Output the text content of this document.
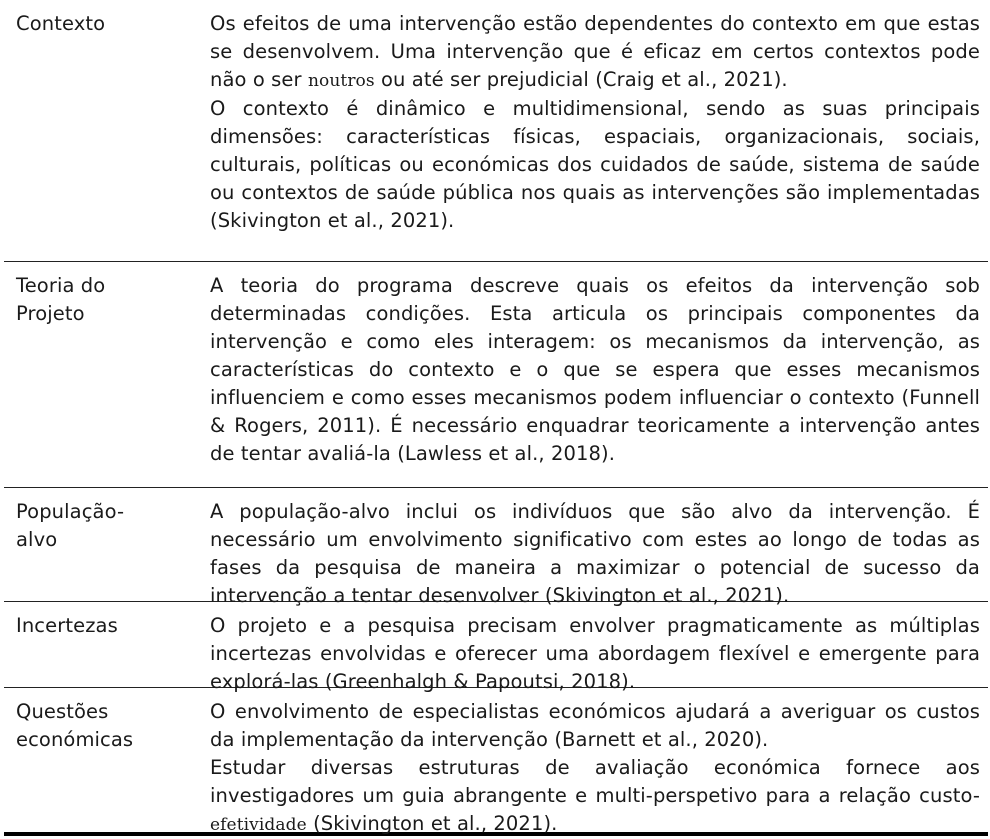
Contexto	Os efeitos de uma intervenção estão dependentes do contexto em que estas se desenvolvem. Uma intervenção que é eficaz em certos contextos pode não o ser noutros ou até ser prejudicial (Craig et al., 2021).

O contexto é dinâmico e multidimensional, sendo as suas principais dimensões: características físicas, espaciais, organizacionais, sociais, culturais, políticas ou económicas dos cuidados de saúde, sistema de saúde ou contextos de saúde pública nos quais as intervenções são implementadas (Skivington et al., 2021).

Teoria do
Projeto

A teoria do programa descreve quais os efeitos da intervenção sob determinadas condições. Esta articula os principais componentes da intervenção e como eles interagem: os mecanismos da intervenção, as características do contexto e o que se espera que esses mecanismos influenciem e como esses mecanismos podem influenciar o contexto (Funnell & Rogers, 2011). É necessário enquadrar teoricamente a intervenção antes de tentar avaliá-la (Lawless et al., 2018).

População-
alvo

A população-alvo inclui os indivíduos que são alvo da intervenção. É necessário um envolvimento significativo com estes ao longo de todas as fases da pesquisa de maneira a maximizar o potencial de sucesso da intervenção a tentar desenvolver (Skivington et al., 2021).

Incertezas	O projeto e a pesquisa precisam envolver pragmaticamente as múltiplas incertezas envolvidas e oferecer uma abordagem flexível e emergente para explorá-las (Greenhalgh & Papoutsi, 2018).

Questões
económicas

O envolvimento de especialistas económicos ajudará a averiguar os custos da implementação da intervenção (Barnett et al., 2020).

Estudar diversas estruturas de avaliação económica fornece aos investigadores um guia abrangente e multi-perspetivo para a relação custo-efetividade (Skivington et al., 2021).
